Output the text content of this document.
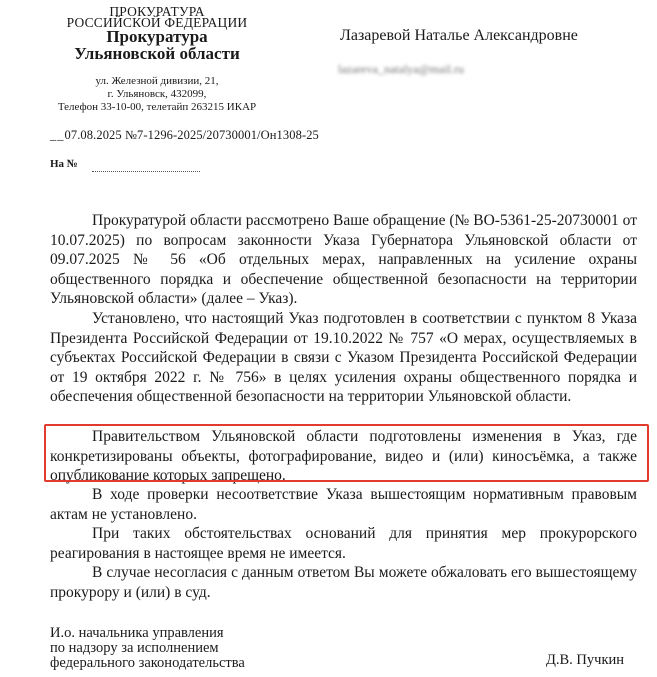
ПРОКУРАТУРА
РОССИЙСКОЙ ФЕДЕРАЦИИ
Прокуратура
Ульяновской области
ул. Железной дивизии, 21,
г. Ульяновск, 432099,
Телефон 33-10-00, телетайп 263215 ИКАР
Лазаревой Наталье Александровне
lazareva_natalya@mail.ru
__07.08.2025 №7-1296-2025/20730001/Он1308-25
На №

Прокуратурой области рассмотрено Ваше обращение (№ ВО-5361-25-20730001 от 10.07.2025) по вопросам законности Указа Губернатора Ульяновской области от 09.07.2025 № 56 «Об отдельных мерах, направленных на усиление охраны общественного порядка и обеспечение общественной безопасности на территории Ульяновской области» (далее – Указ).

Установлено, что настоящий Указ подготовлен в соответствии с пунктом 8 Указа Президента Российской Федерации от 19.10.2022 № 757 «О мерах, осуществляемых в субъектах Российской Федерации в связи с Указом Президента Российской Федерации от 19 октября 2022 г. № 756» в целях усиления охраны общественного порядка и обеспечения общественной безопасности на территории Ульяновской области.

Правительством Ульяновской области подготовлены изменения в Указ, где конкретизированы объекты, фотографирование, видео и (или) киносъёмка, а также опубликование которых запрещено.

В ходе проверки несоответствие Указа вышестоящим нормативным правовым актам не установлено.

При таких обстоятельствах оснований для принятия мер прокурорского реагирования в настоящее время не имеется.

В случае несогласия с данным ответом Вы можете обжаловать его вышестоящему прокурору и (или) в суд.

И.о. начальника управления
по надзору за исполнением
федерального законодательства	Д.В. Пучкин
